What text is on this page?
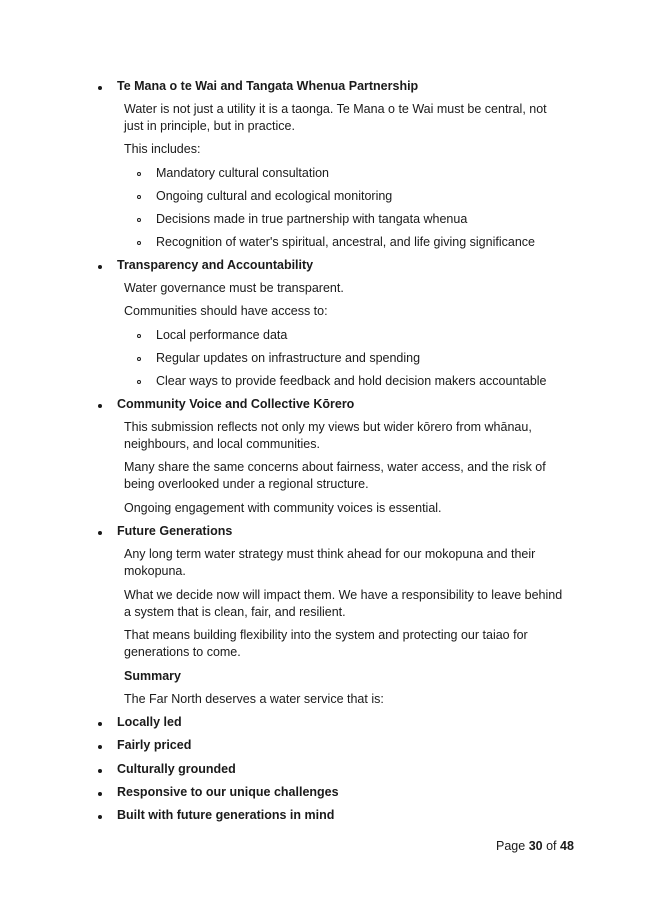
Te Mana o te Wai and Tangata Whenua Partnership
Water is not just a utility it is a taonga. Te Mana o te Wai must be central, not
just in principle, but in practice.
This includes:
Mandatory cultural consultation
Ongoing cultural and ecological monitoring
Decisions made in true partnership with tangata whenua
Recognition of water's spiritual, ancestral, and life giving significance
Transparency and Accountability
Water governance must be transparent.
Communities should have access to:
Local performance data
Regular updates on infrastructure and spending
Clear ways to provide feedback and hold decision makers accountable
Community Voice and Collective Kōrero
This submission reflects not only my views but wider kōrero from whānau,
neighbours, and local communities.
Many share the same concerns about fairness, water access, and the risk of
being overlooked under a regional structure.
Ongoing engagement with community voices is essential.
Future Generations
Any long term water strategy must think ahead for our mokopuna and their
mokopuna.
What we decide now will impact them. We have a responsibility to leave behind
a system that is clean, fair, and resilient.
That means building flexibility into the system and protecting our taiao for
generations to come.
Summary
The Far North deserves a water service that is:
Locally led
Fairly priced
Culturally grounded
Responsive to our unique challenges
Built with future generations in mind
Page 30 of 48
